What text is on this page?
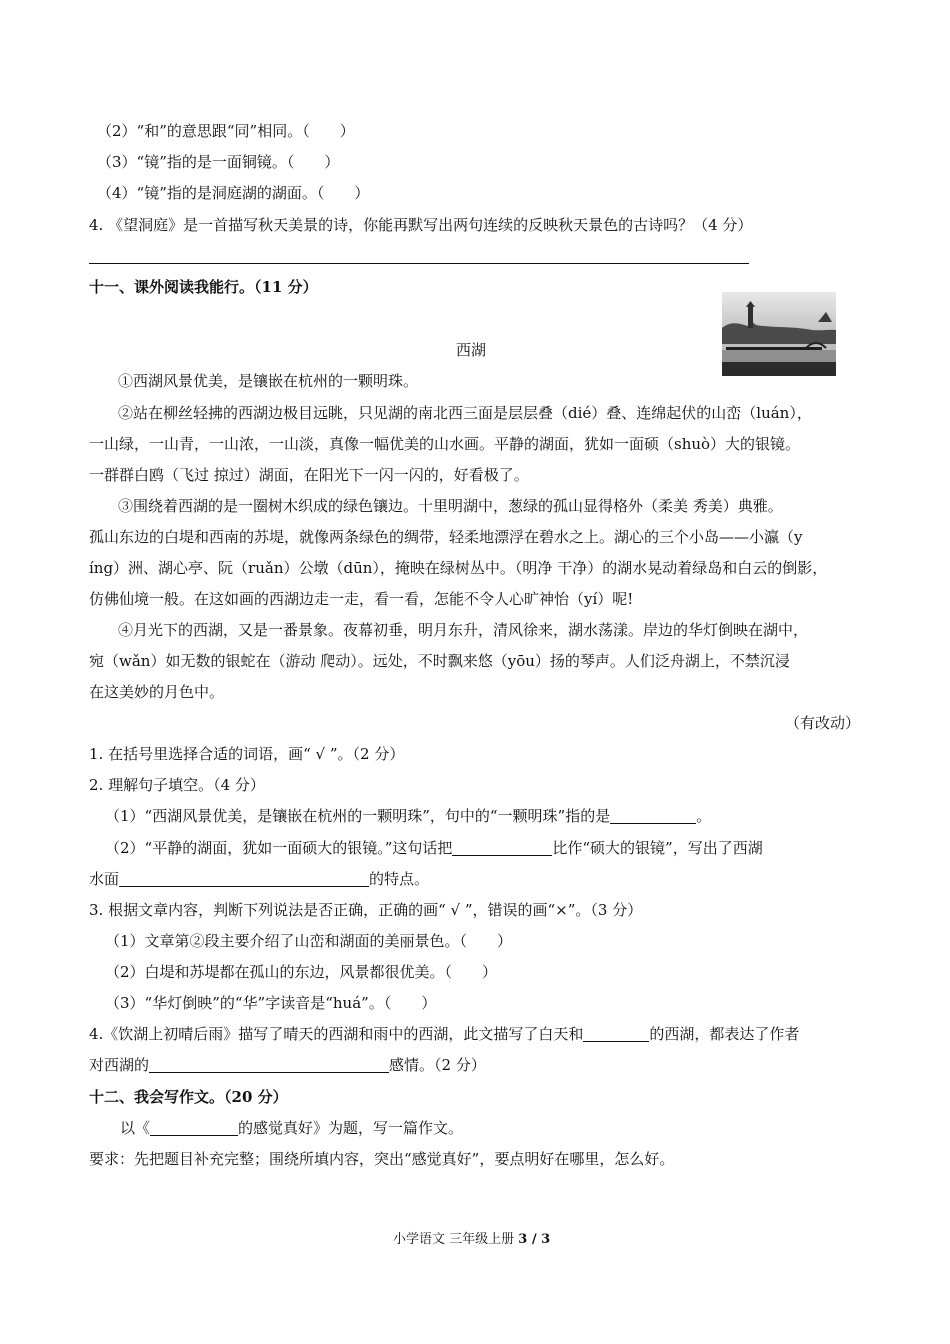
（2）“和”的意思跟“同”相同。（　　）
（3）“镜”指的是一面铜镜。（　　）
（4）“镜”指的是洞庭湖的湖面。（　　）
4. 《望洞庭》是一首描写秋天美景的诗，你能再默写出两句连续的反映秋天景色的古诗吗？（4 分）
十一、课外阅读我能行。（11 分）
西湖
①西湖风景优美，是镶嵌在杭州的一颗明珠。
②站在柳丝轻拂的西湖边极目远眺，只见湖的南北西三面是层层叠（dié）叠、连绵起伏的山峦（luán），
一山绿，一山青，一山浓，一山淡，真像一幅优美的山水画。平静的湖面，犹如一面硕（shuò）大的银镜。
一群群白鸥（飞过 掠过）湖面，在阳光下一闪一闪的，好看极了。
③围绕着西湖的是一圈树木织成的绿色镶边。十里明湖中，葱绿的孤山显得格外（柔美 秀美）典雅。
孤山东边的白堤和西南的苏堤，就像两条绿色的绸带，轻柔地漂浮在碧水之上。湖心的三个小岛——小瀛（y
íng）洲、湖心亭、阮（ruǎn）公墩（dūn），掩映在绿树丛中。（明净 干净）的湖水晃动着绿岛和白云的倒影，
仿佛仙境一般。在这如画的西湖边走一走，看一看，怎能不令人心旷神怡（yí）呢!
④月光下的西湖，又是一番景象。夜幕初垂，明月东升，清风徐来，湖水荡漾。岸边的华灯倒映在湖中，
宛（wǎn）如无数的银蛇在（游动 爬动）。远处，不时飘来悠（yōu）扬的琴声。人们泛舟湖上，不禁沉浸
在这美妙的月色中。
（有改动）
1. 在括号里选择合适的词语，画“ √ ”。（2 分）
2. 理解句子填空。（4 分）
（1）“西湖风景优美，是镶嵌在杭州的一颗明珠”，句中的“一颗明珠”指的是	。
（2）“平静的湖面，犹如一面硕大的银镜。”这句话把	比作“硕大的银镜”，写出了西湖
水面	的特点。
3. 根据文章内容，判断下列说法是否正确，正确的画“ √ ”，错误的画“×”。（3 分）
（1）文章第②段主要介绍了山峦和湖面的美丽景色。（　　）
（2）白堤和苏堤都在孤山的东边，风景都很优美。（　　）
（3）“华灯倒映”的“华”字读音是“huá”。（　　）
4.《饮湖上初晴后雨》描写了晴天的西湖和雨中的西湖，此文描写了白天和	的西湖，都表达了作者
对西湖的	感情。（2 分）
十二、我会写作文。（20 分）
以《	的感觉真好》为题，写一篇作文。
要求：先把题目补充完整；围绕所填内容，突出“感觉真好”，要点明好在哪里，怎么好。
小学语文 三年级上册 3 / 3
